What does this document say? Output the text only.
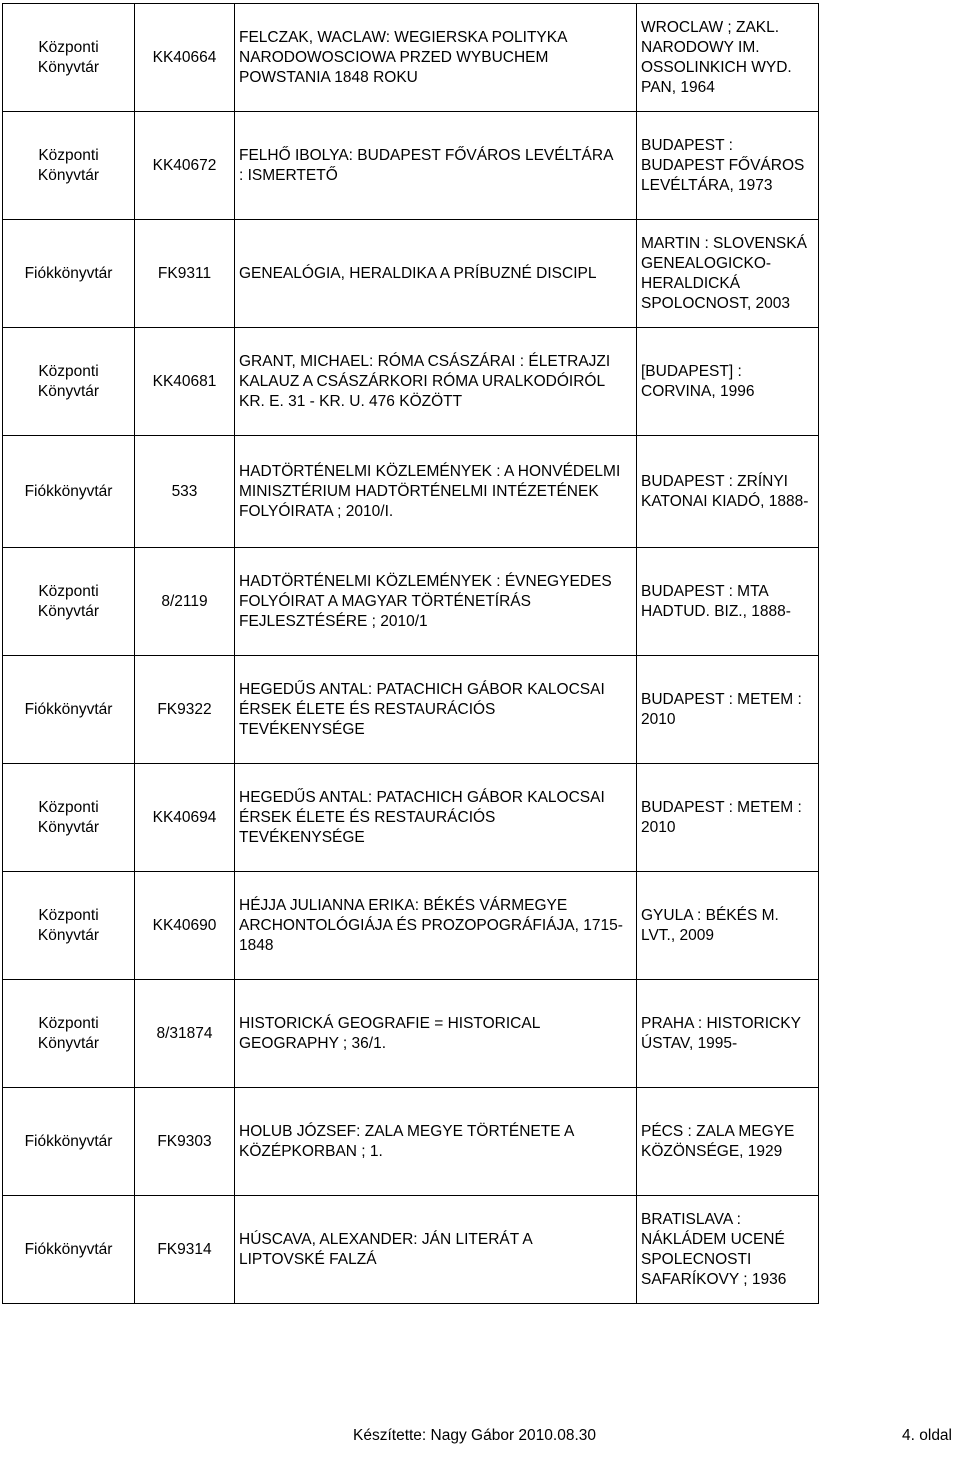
Központi
Könyvtár	KK40664	FELCZAK, WACLAW: WEGIERSKA POLITYKA
NARODOWOSCIOWA PRZED WYBUCHEM
POWSTANIA 1848 ROKU	WROCLAW ; ZAKL.
NARODOWY IM.
OSSOLINKICH WYD.
PAN, 1964
Központi
Könyvtár	KK40672	FELHŐ IBOLYA: BUDAPEST FŐVÁROS LEVÉLTÁRA
: ISMERTETŐ	BUDAPEST :
BUDAPEST FŐVÁROS
LEVÉLTÁRA, 1973
Fiókkönyvtár	FK9311	GENEALÓGIA, HERALDIKA A PRÍBUZNÉ DISCIPL	MARTIN : SLOVENSKÁ
GENEALOGICKO-
HERALDICKÁ
SPOLOCNOST, 2003
Központi
Könyvtár	KK40681	GRANT, MICHAEL: RÓMA CSÁSZÁRAI : ÉLETRAJZI
KALAUZ A CSÁSZÁRKORI RÓMA URALKODÓIRÓL
KR. E. 31 - KR. U. 476 KÖZÖTT	[BUDAPEST] :
CORVINA, 1996
Fiókkönyvtár	533	HADTÖRTÉNELMI KÖZLEMÉNYEK : A HONVÉDELMI
MINISZTÉRIUM HADTÖRTÉNELMI INTÉZETÉNEK
FOLYÓIRATA ; 2010/I.	BUDAPEST : ZRÍNYI
KATONAI KIADÓ, 1888-
Központi
Könyvtár	8/2119	HADTÖRTÉNELMI KÖZLEMÉNYEK : ÉVNEGYEDES
FOLYÓIRAT A MAGYAR TÖRTÉNETÍRÁS
FEJLESZTÉSÉRE ; 2010/1	BUDAPEST : MTA
HADTUD. BIZ., 1888-
Fiókkönyvtár	FK9322	HEGEDŰS ANTAL: PATACHICH GÁBOR KALOCSAI
ÉRSEK ÉLETE ÉS RESTAURÁCIÓS
TEVÉKENYSÉGE	BUDAPEST : METEM :
2010
Központi
Könyvtár	KK40694	HEGEDŰS ANTAL: PATACHICH GÁBOR KALOCSAI
ÉRSEK ÉLETE ÉS RESTAURÁCIÓS
TEVÉKENYSÉGE	BUDAPEST : METEM :
2010
Központi
Könyvtár	KK40690	HÉJJA JULIANNA ERIKA: BÉKÉS VÁRMEGYE
ARCHONTOLÓGIÁJA ÉS PROZOPOGRÁFIÁJA, 1715-
1848	GYULA : BÉKÉS M.
LVT., 2009
Központi
Könyvtár	8/31874	HISTORICKÁ GEOGRAFIE = HISTORICAL
GEOGRAPHY ; 36/1.	PRAHA : HISTORICKY
ÚSTAV, 1995-
Fiókkönyvtár	FK9303	HOLUB JÓZSEF: ZALA MEGYE TÖRTÉNETE A
KÖZÉPKORBAN ; 1.	PÉCS : ZALA MEGYE
KÖZÖNSÉGE, 1929
Fiókkönyvtár	FK9314	HÚSCAVA, ALEXANDER: JÁN LITERÁT A
LIPTOVSKÉ FALZÁ	BRATISLAVA :
NÁKLÁDEM UCENÉ
SPOLECNOSTI
SAFARÍKOVY ; 1936
Készítette: Nagy Gábor 2010.08.30	4. oldal
